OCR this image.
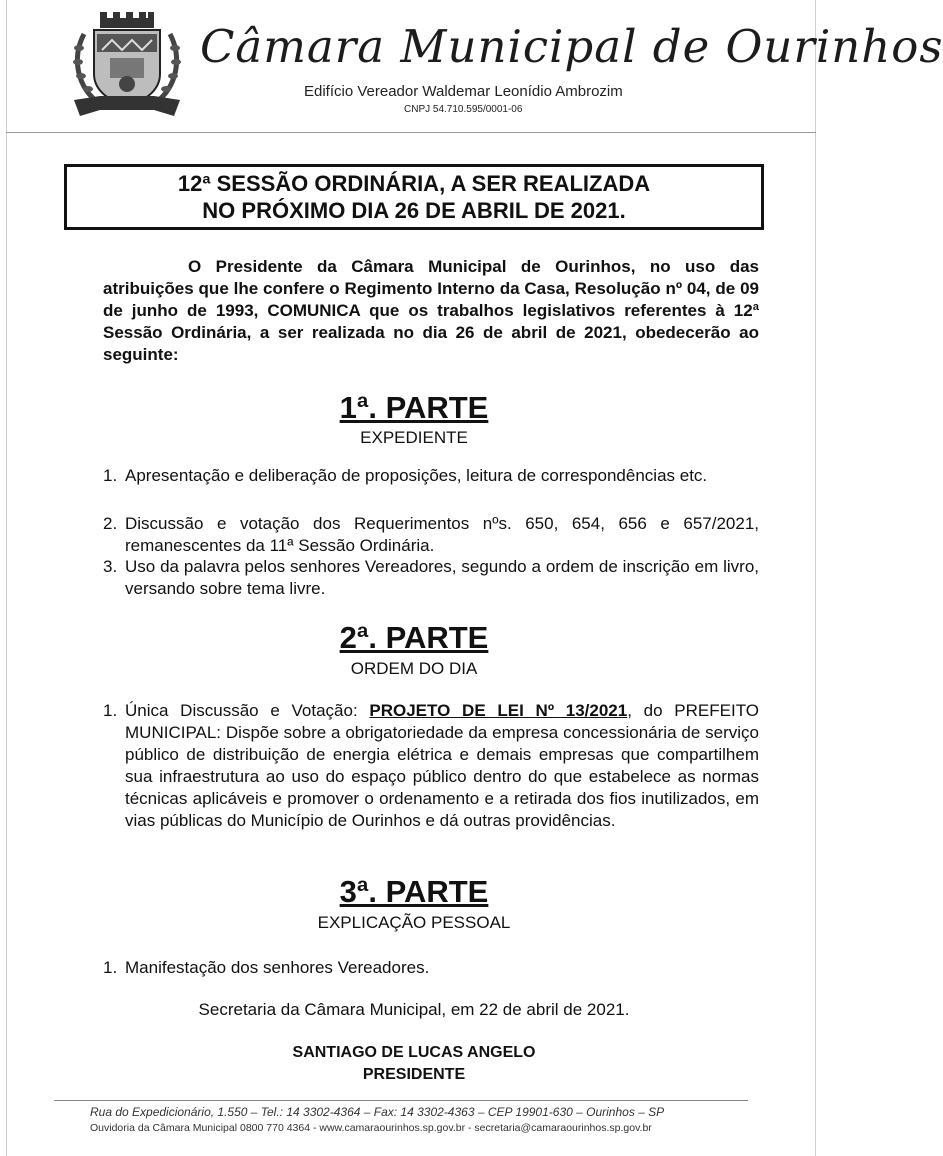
Câmara Municipal de Ourinhos
Edifício Vereador Waldemar Leonídio Ambrozim
CNPJ 54.710.595/0001-06
12ª SESSÃO ORDINÁRIA, A SER REALIZADA
NO PRÓXIMO DIA 26 DE ABRIL DE 2021.
O Presidente da Câmara Municipal de Ourinhos, no uso das atribuições que lhe confere o Regimento Interno da Casa, Resolução nº 04, de 09 de junho de 1993, COMUNICA que os trabalhos legislativos referentes à 12ª Sessão Ordinária, a ser realizada no dia 26 de abril de 2021, obedecerão ao seguinte:
1ª. PARTE
EXPEDIENTE
1. Apresentação e deliberação de proposições, leitura de correspondências etc.
2. Discussão e votação dos Requerimentos nºs. 650, 654, 656 e 657/2021, remanescentes da 11ª Sessão Ordinária.
3. Uso da palavra pelos senhores Vereadores, segundo a ordem de inscrição em livro, versando sobre tema livre.
2ª. PARTE
ORDEM DO DIA
1. Única Discussão e Votação: PROJETO DE LEI Nº 13/2021, do PREFEITO MUNICIPAL: Dispõe sobre a obrigatoriedade da empresa concessionária de serviço público de distribuição de energia elétrica e demais empresas que compartilhem sua infraestrutura ao uso do espaço público dentro do que estabelece as normas técnicas aplicáveis e promover o ordenamento e a retirada dos fios inutilizados, em vias públicas do Município de Ourinhos e dá outras providências.
3ª. PARTE
EXPLICAÇÃO PESSOAL
1. Manifestação dos senhores Vereadores.
Secretaria da Câmara Municipal, em 22 de abril de 2021.
SANTIAGO DE LUCAS ANGELO
PRESIDENTE
Rua do Expedicionário, 1.550 – Tel.: 14 3302-4364 – Fax: 14 3302-4363 – CEP 19901-630 – Ourinhos – SP
Ouvidoria da Câmara Municipal 0800 770 4364 - www.camaraourinhos.sp.gov.br - secretaria@camaraourinhos.sp.gov.br
